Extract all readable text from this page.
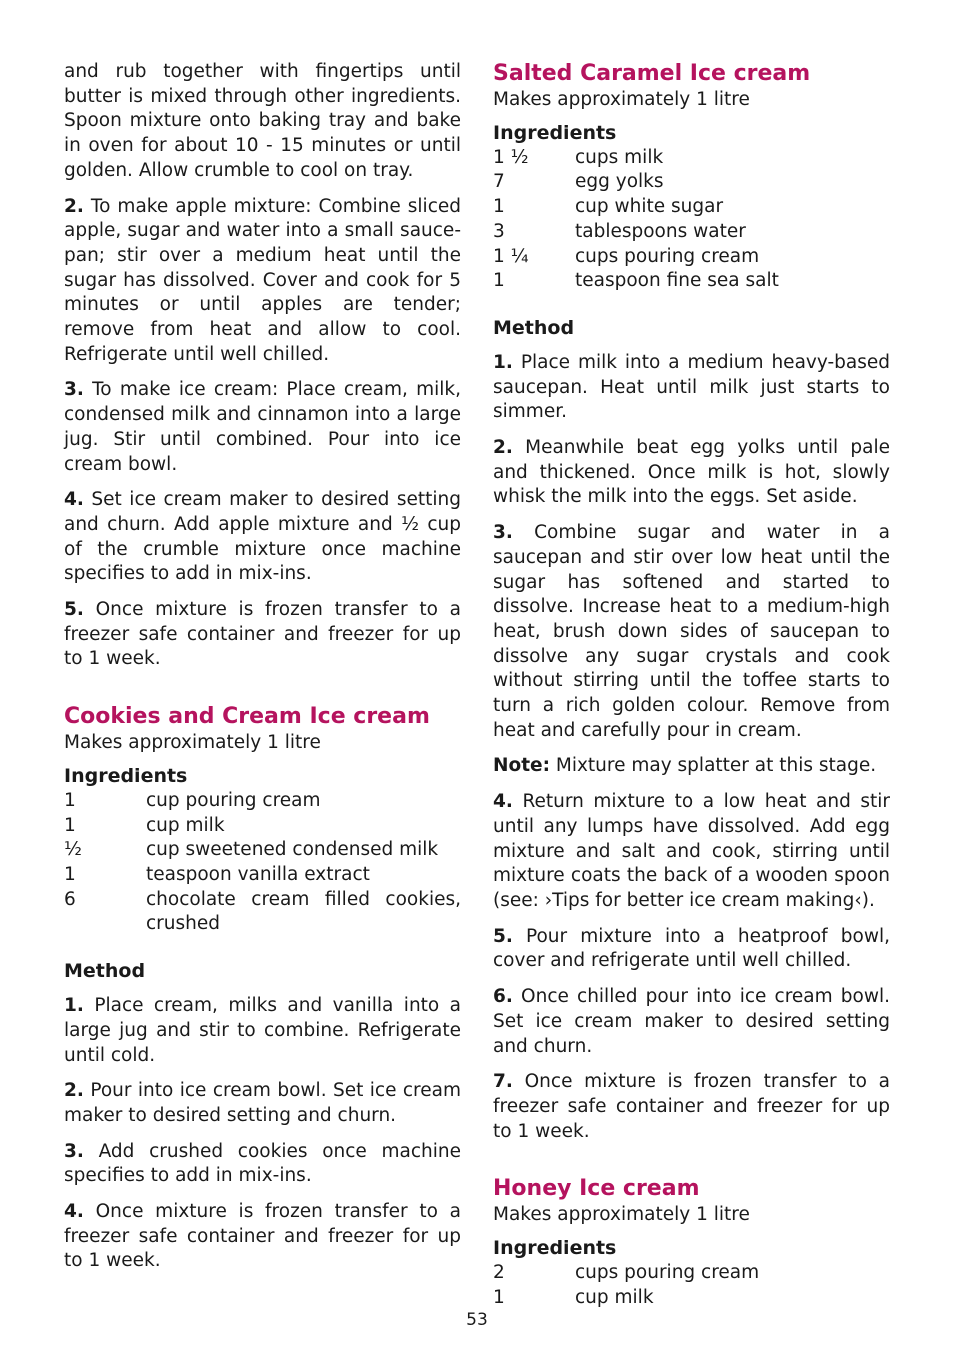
and rub together with fingertips until butter is mixed through other ingredients. Spoon mixture onto baking tray and bake in oven for about 10 - 15 minutes or until golden. Allow crumble to cool on tray.

2. To make apple mixture: Combine sliced apple, sugar and water into a small saucepan; stir over a medium heat until the sugar has dissolved. Cover and cook for 5 minutes or until apples are tender; remove from heat and allow to cool. Refrigerate until well chilled.

3. To make ice cream: Place cream, milk, condensed milk and cinnamon into a large jug. Stir until combined. Pour into ice cream bowl.

4. Set ice cream maker to desired setting and churn. Add apple mixture and ½ cup of the crumble mixture once machine specifies to add in mix-ins.

5. Once mixture is frozen transfer to a freezer safe container and freezer for up to 1 week.

Cookies and Cream Ice cream
Makes approximately 1 litre
Ingredients
1	cup pouring cream
1	cup milk
½	cup sweetened condensed milk
1	teaspoon vanilla extract
6	chocolate cream filled cookies, crushed
Method

1. Place cream, milks and vanilla into a large jug and stir to combine. Refrigerate until cold.

2. Pour into ice cream bowl. Set ice cream maker to desired setting and churn.

3. Add crushed cookies once machine specifies to add in mix-ins.

4. Once mixture is frozen transfer to a freezer safe container and freezer for up to 1 week.

Salted Caramel Ice cream
Makes approximately 1 litre
Ingredients
1 ½	cups milk
7	egg yolks
1	cup white sugar
3	tablespoons water
1 ¼	cups pouring cream
1	teaspoon fine sea salt
Method

1. Place milk into a medium heavy-based saucepan. Heat until milk just starts to simmer.

2. Meanwhile beat egg yolks until pale and thickened. Once milk is hot, slowly whisk the milk into the eggs. Set aside.

3. Combine sugar and water in a saucepan and stir over low heat until the sugar has softened and started to dissolve. Increase heat to a medium-high heat, brush down sides of saucepan to dissolve any sugar crystals and cook without stirring until the toffee starts to turn a rich golden colour. Remove from heat and carefully pour in cream.

Note: Mixture may splatter at this stage.

4. Return mixture to a low heat and stir until any lumps have dissolved. Add egg mixture and salt and cook, stirring until mixture coats the back of a wooden spoon (see: ›Tips for better ice cream making‹).

5. Pour mixture into a heatproof bowl, cover and refrigerate until well chilled.

6. Once chilled pour into ice cream bowl. Set ice cream maker to desired setting and churn.

7. Once mixture is frozen transfer to a freezer safe container and freezer for up to 1 week.

Honey Ice cream
Makes approximately 1 litre
Ingredients
2	cups pouring cream
1	cup milk
53
